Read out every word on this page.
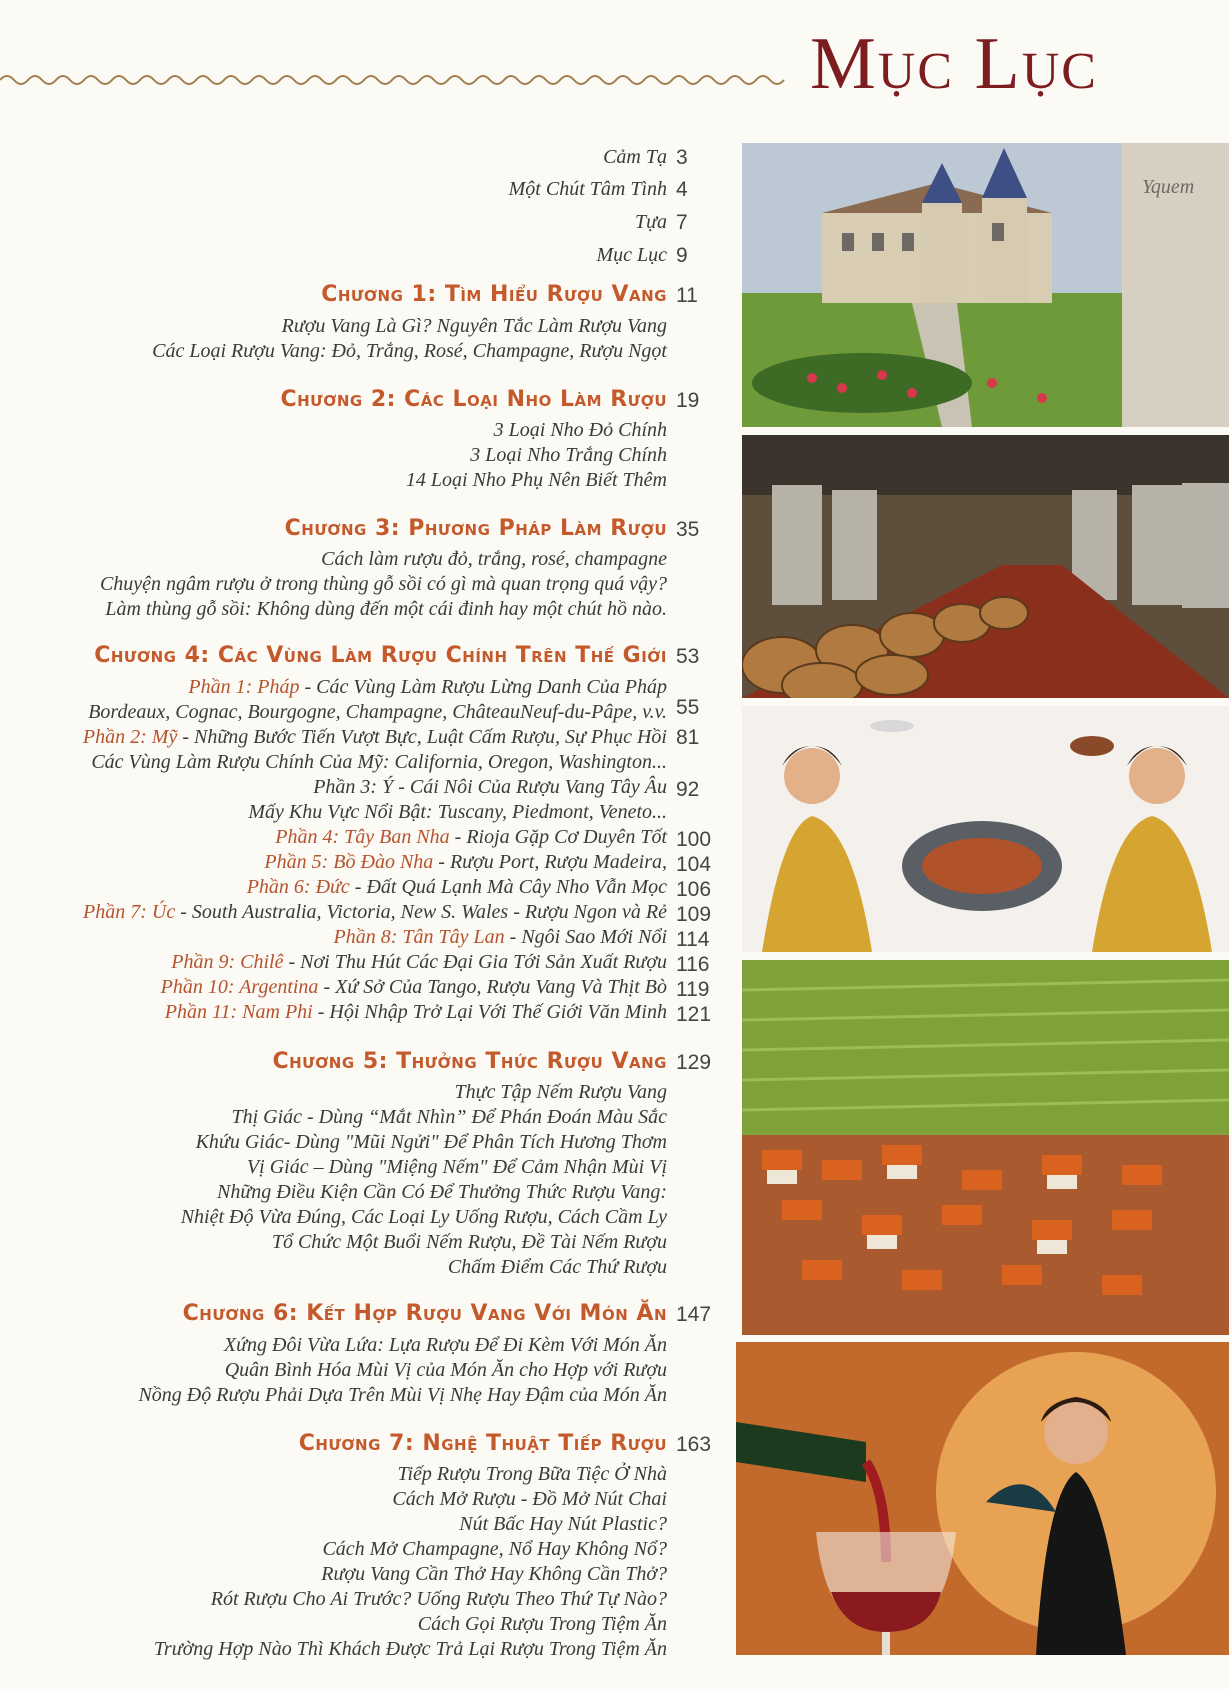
Mục Lục
Cảm Tạ 3
Một Chút Tâm Tình 4
Tựa 7
Mục Lục 9
Chương 1: Tìm Hiểu Rượu Vang 11
Rượu Vang Là Gì? Nguyên Tắc Làm Rượu Vang
Các Loại Rượu Vang: Đỏ, Trắng, Rosé, Champagne, Rượu Ngọt
Chương 2: Các Loại Nho Làm Rượu 19
3 Loại Nho Đỏ Chính
3 Loại Nho Trắng Chính
14 Loại Nho Phụ Nên Biết Thêm
Chương 3: Phương Pháp Làm Rượu 35
Cách làm rượu đỏ, trắng, rosé, champagne
Chuyện ngâm rượu ở trong thùng gỗ sồi có gì mà quan trọng quá vậy?
Làm thùng gỗ sồi: Không dùng đến một cái đinh hay một chút hồ nào.
Chương 4: Các Vùng Làm Rượu Chính Trên Thế Giới 53
Phần 1: Pháp - Các Vùng Làm Rượu Lừng Danh Của Pháp
Bordeaux, Cognac, Bourgogne, Champagne, ChâteauNeuf-du-Pâpe, v.v. 55
Phần 2: Mỹ - Những Bước Tiến Vượt Bực, Luật Cấm Rượu, Sự Phục Hồi 81
Các Vùng Làm Rượu Chính Của Mỹ: California, Oregon, Washington...
Phần 3: Ý - Cái Nôi Của Rượu Vang Tây Âu 92
Mấy Khu Vực Nổi Bật: Tuscany, Piedmont, Veneto...
Phần 4: Tây Ban Nha - Rioja Gặp Cơ Duyên Tốt 100
Phần 5: Bồ Đào Nha - Rượu Port, Rượu Madeira, 104
Phần 6: Đức - Đất Quá Lạnh Mà Cây Nho Vẫn Mọc 106
Phần 7: Úc - South Australia, Victoria, New S. Wales - Rượu Ngon và Rẻ 109
Phần 8: Tân Tây Lan - Ngôi Sao Mới Nổi 114
Phần 9: Chilê - Nơi Thu Hút Các Đại Gia Tới Sản Xuất Rượu 116
Phần 10: Argentina - Xứ Sở Của Tango, Rượu Vang Và Thịt Bò 119
Phần 11: Nam Phi - Hội Nhập Trở Lại Với Thế Giới Văn Minh 121
Chương 5: Thưởng Thức Rượu Vang 129
Thực Tập Nếm Rượu Vang
Thị Giác - Dùng “Mắt Nhìn” Để Phán Đoán Màu Sắc
Khứu Giác- Dùng "Mũi Ngửi" Để Phân Tích Hương Thơm
Vị Giác – Dùng "Miệng Nếm" Để Cảm Nhận Mùi Vị
Những Điều Kiện Cần Có Để Thưởng Thức Rượu Vang:
Nhiệt Độ Vừa Đúng, Các Loại Ly Uống Rượu, Cách Cầm Ly
Tổ Chức Một Buổi Nếm Rượu, Đề Tài Nếm Rượu
Chấm Điểm Các Thứ Rượu
Chương 6: Kết Hợp Rượu Vang Với Món Ăn 147
Xứng Đôi Vừa Lứa: Lựa Rượu Để Đi Kèm Với Món Ăn
Quân Bình Hóa Mùi Vị của Món Ăn cho Hợp với Rượu
Nồng Độ Rượu Phải Dựa Trên Mùi Vị Nhẹ Hay Đậm của Món Ăn
Chương 7: Nghệ Thuật Tiếp Rượu 163
Tiếp Rượu Trong Bữa Tiệc Ở Nhà
Cách Mở Rượu - Đồ Mở Nút Chai
Nút Bấc Hay Nút Plastic?
Cách Mở Champagne, Nổ Hay Không Nổ?
Rượu Vang Cần Thở Hay Không Cần Thở?
Rót Rượu Cho Ai Trước? Uống Rượu Theo Thứ Tự Nào?
Cách Gọi Rượu Trong Tiệm Ăn
Trường Hợp Nào Thì Khách Được Trả Lại Rượu Trong Tiệm Ăn
Yquem
